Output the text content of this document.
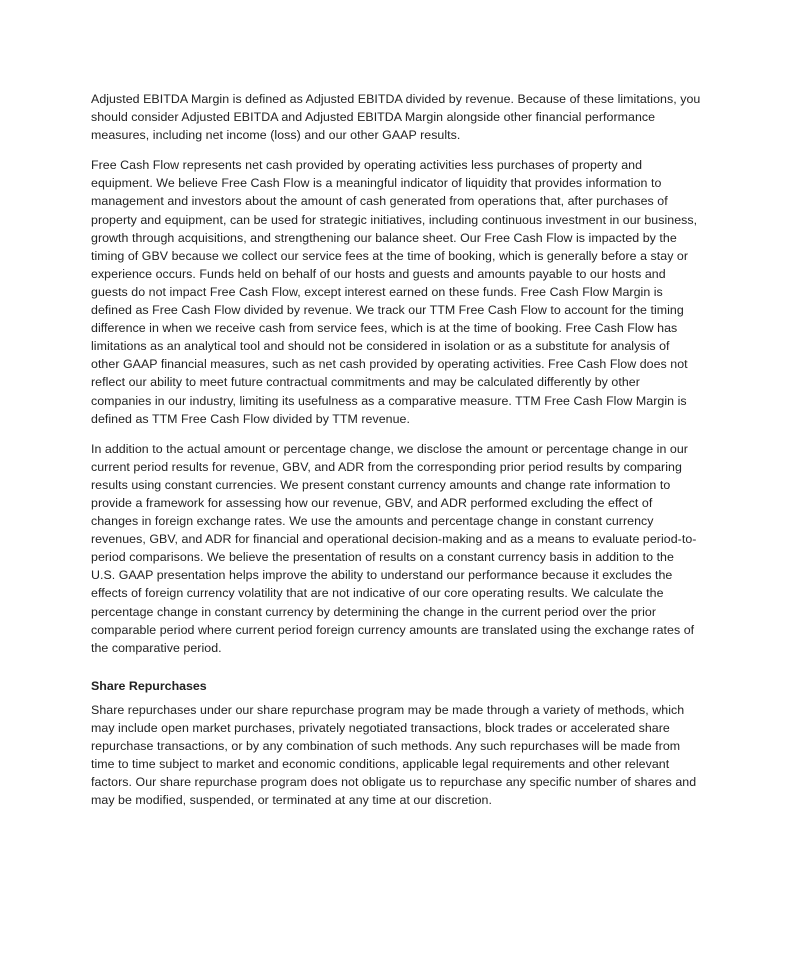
Adjusted EBITDA Margin is defined as Adjusted EBITDA divided by revenue. Because of these limitations, you should consider Adjusted EBITDA and Adjusted EBITDA Margin alongside other financial performance measures, including net income (loss) and our other GAAP results.

Free Cash Flow represents net cash provided by operating activities less purchases of property and equipment. We believe Free Cash Flow is a meaningful indicator of liquidity that provides information to management and investors about the amount of cash generated from operations that, after purchases of property and equipment, can be used for strategic initiatives, including continuous investment in our business, growth through acquisitions, and strengthening our balance sheet. Our Free Cash Flow is impacted by the timing of GBV because we collect our service fees at the time of booking, which is generally before a stay or experience occurs. Funds held on behalf of our hosts and guests and amounts payable to our hosts and guests do not impact Free Cash Flow, except interest earned on these funds. Free Cash Flow Margin is defined as Free Cash Flow divided by revenue. We track our TTM Free Cash Flow to account for the timing difference in when we receive cash from service fees, which is at the time of booking. Free Cash Flow has limitations as an analytical tool and should not be considered in isolation or as a substitute for analysis of other GAAP financial measures, such as net cash provided by operating activities. Free Cash Flow does not reflect our ability to meet future contractual commitments and may be calculated differently by other companies in our industry, limiting its usefulness as a comparative measure. TTM Free Cash Flow Margin is defined as TTM Free Cash Flow divided by TTM revenue.

In addition to the actual amount or percentage change, we disclose the amount or percentage change in our current period results for revenue, GBV, and ADR from the corresponding prior period results by comparing results using constant currencies. We present constant currency amounts and change rate information to provide a framework for assessing how our revenue, GBV, and ADR performed excluding the effect of changes in foreign exchange rates. We use the amounts and percentage change in constant currency revenues, GBV, and ADR for financial and operational decision-making and as a means to evaluate period-to-period comparisons. We believe the presentation of results on a constant currency basis in addition to the U.S. GAAP presentation helps improve the ability to understand our performance because it excludes the effects of foreign currency volatility that are not indicative of our core operating results. We calculate the percentage change in constant currency by determining the change in the current period over the prior comparable period where current period foreign currency amounts are translated using the exchange rates of the comparative period.

Share Repurchases

Share repurchases under our share repurchase program may be made through a variety of methods, which may include open market purchases, privately negotiated transactions, block trades or accelerated share repurchase transactions, or by any combination of such methods. Any such repurchases will be made from time to time subject to market and economic conditions, applicable legal requirements and other relevant factors. Our share repurchase program does not obligate us to repurchase any specific number of shares and may be modified, suspended, or terminated at any time at our discretion.
